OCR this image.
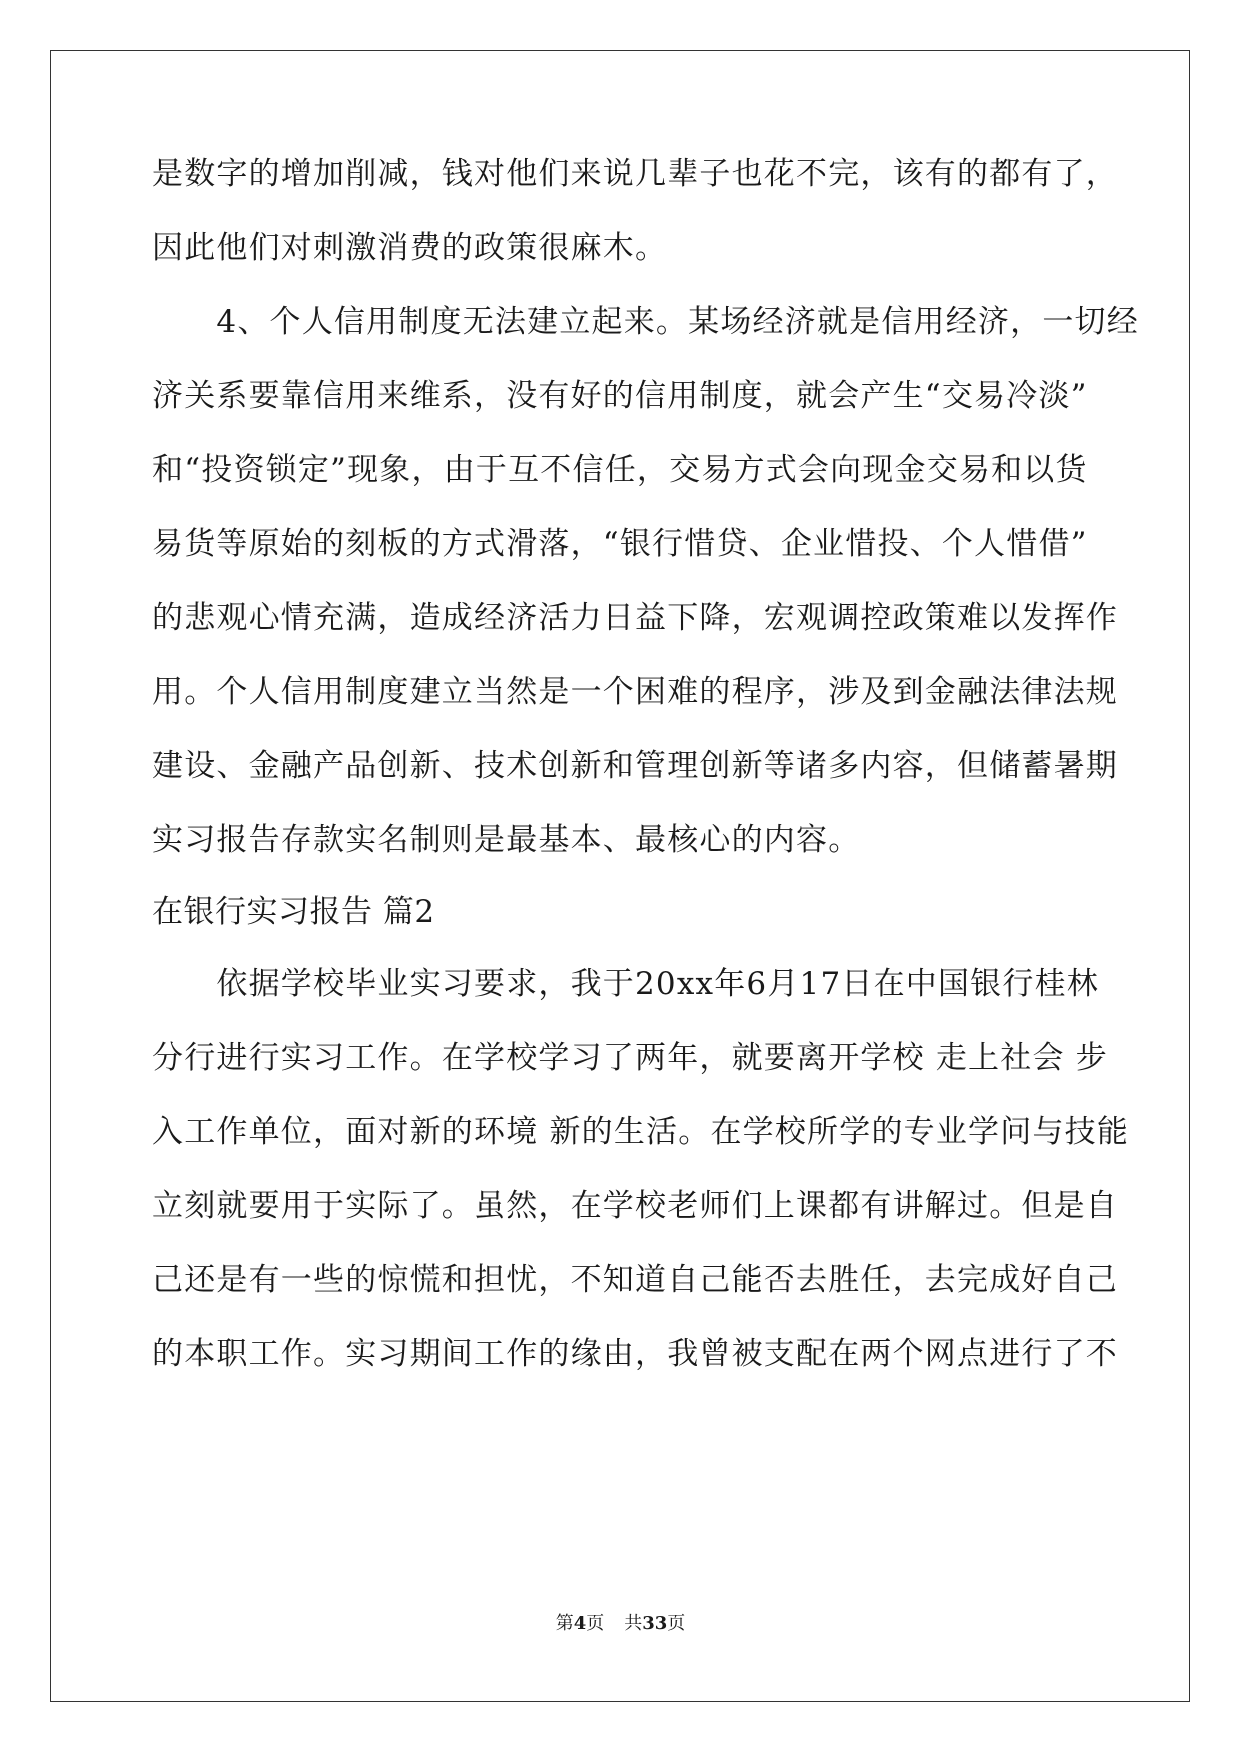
是数字的增加削减，钱对他们来说几辈子也花不完，该有的都有了，
因此他们对刺激消费的政策很麻木。
　　4、个人信用制度无法建立起来。某场经济就是信用经济，一切经
济关系要靠信用来维系，没有好的信用制度，就会产生“交易冷淡”
和“投资锁定”现象，由于互不信任，交易方式会向现金交易和以货
易货等原始的刻板的方式滑落，“银行惜贷、企业惜投、个人惜借”
的悲观心情充满，造成经济活力日益下降，宏观调控政策难以发挥作
用。个人信用制度建立当然是一个困难的程序，涉及到金融法律法规
建设、金融产品创新、技术创新和管理创新等诸多内容，但储蓄暑期
实习报告存款实名制则是最基本、最核心的内容。
在银行实习报告 篇2
　　依据学校毕业实习要求，我于20xx年6月17日在中国银行桂林
分行进行实习工作。在学校学习了两年，就要离开学校 走上社会 步
入工作单位，面对新的环境 新的生活。在学校所学的专业学问与技能
立刻就要用于实际了。虽然，在学校老师们上课都有讲解过。但是自
己还是有一些的惊慌和担忧，不知道自己能否去胜任，去完成好自己
的本职工作。实习期间工作的缘由，我曾被支配在两个网点进行了不
第4页 共33页
